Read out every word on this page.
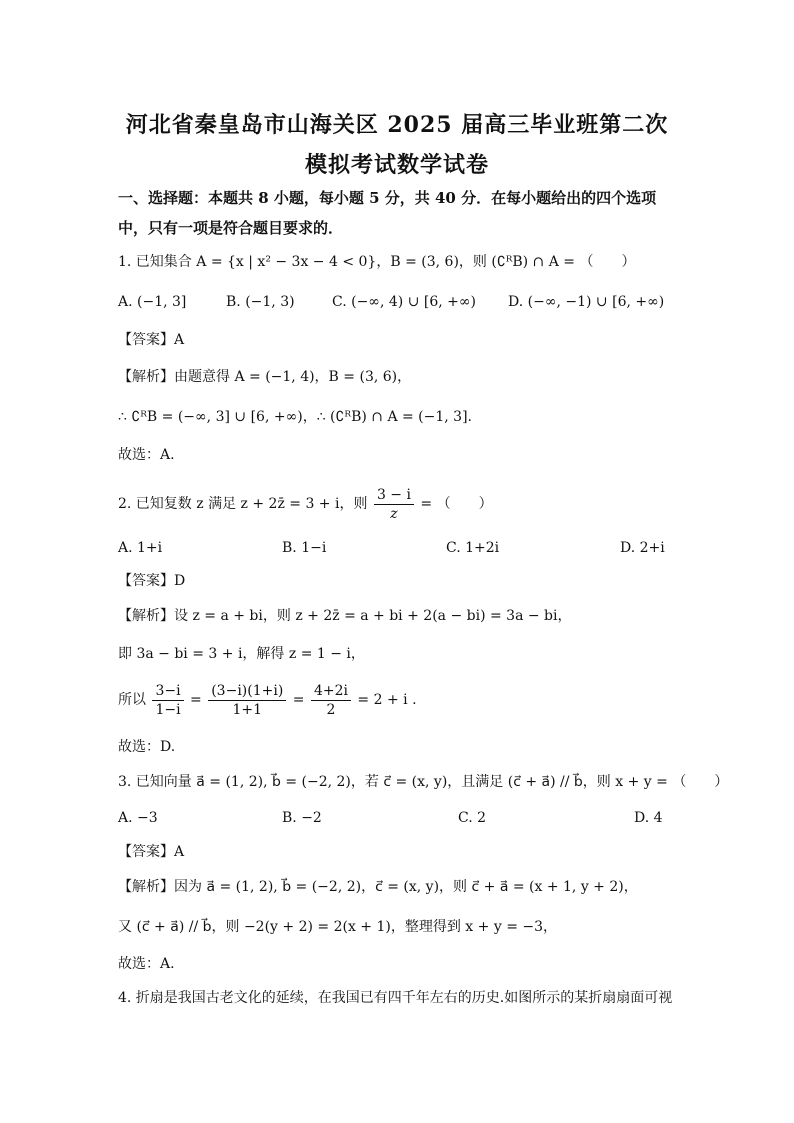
河北省秦皇岛市山海关区 2025 届高三毕业班第二次
模拟考试数学试卷
一、选择题：本题共 8 小题，每小题 5 分，共 40 分．在每小题给出的四个选项
中，只有一项是符合题目要求的．
1. 已知集合 A = {x | x² − 3x − 4 < 0}，B = (3, 6)，则 (∁ᴿB) ∩ A = （　　）
A. (−1, 3]	B. (−1, 3)	C. (−∞, 4) ∪ [6, +∞) D. (−∞, −1) ∪ [6, +∞)
【答案】A
【解析】由题意得 A = (−1, 4)，B = (3, 6)，
∴ ∁ᴿB = (−∞, 3] ∪ [6, +∞)，∴ (∁ᴿB) ∩ A = (−1, 3].
故选：A.
2. 已知复数 z 满足 z + 2z̄ = 3 + i，则 $\frac{3 - i}{z}$ = （　　）
A. 1+i	B. 1−i	C. 1+2i	D. 2+i
【答案】D
【解析】设 z = a + bi，则 z + 2z̄ = a + bi + 2(a − bi) = 3a − bi，
即 3a − bi = 3 + i，解得 z = 1 − i，
所以 $\frac{3-i}{1-i} = \frac{(3-i)(1+i)}{1+1} = \frac{4+2i}{2} = 2 + i$ .
故选：D.
3. 已知向量 a⃗ = (1, 2), b⃗ = (−2, 2)，若 c⃗ = (x, y)，且满足 (c⃗ + a⃗) // b⃗，则 x + y = （　　）
A. −3	B. −2	C. 2	D. 4
【答案】A
【解析】因为 a⃗ = (1, 2), b⃗ = (−2, 2)，c⃗ = (x, y)，则 c⃗ + a⃗ = (x + 1, y + 2)，
又 (c⃗ + a⃗) // b⃗，则 −2(y + 2) = 2(x + 1)，整理得到 x + y = −3，
故选：A.
4. 折扇是我国古老文化的延续，在我国已有四千年左右的历史.如图所示的某折扇扇面可视
